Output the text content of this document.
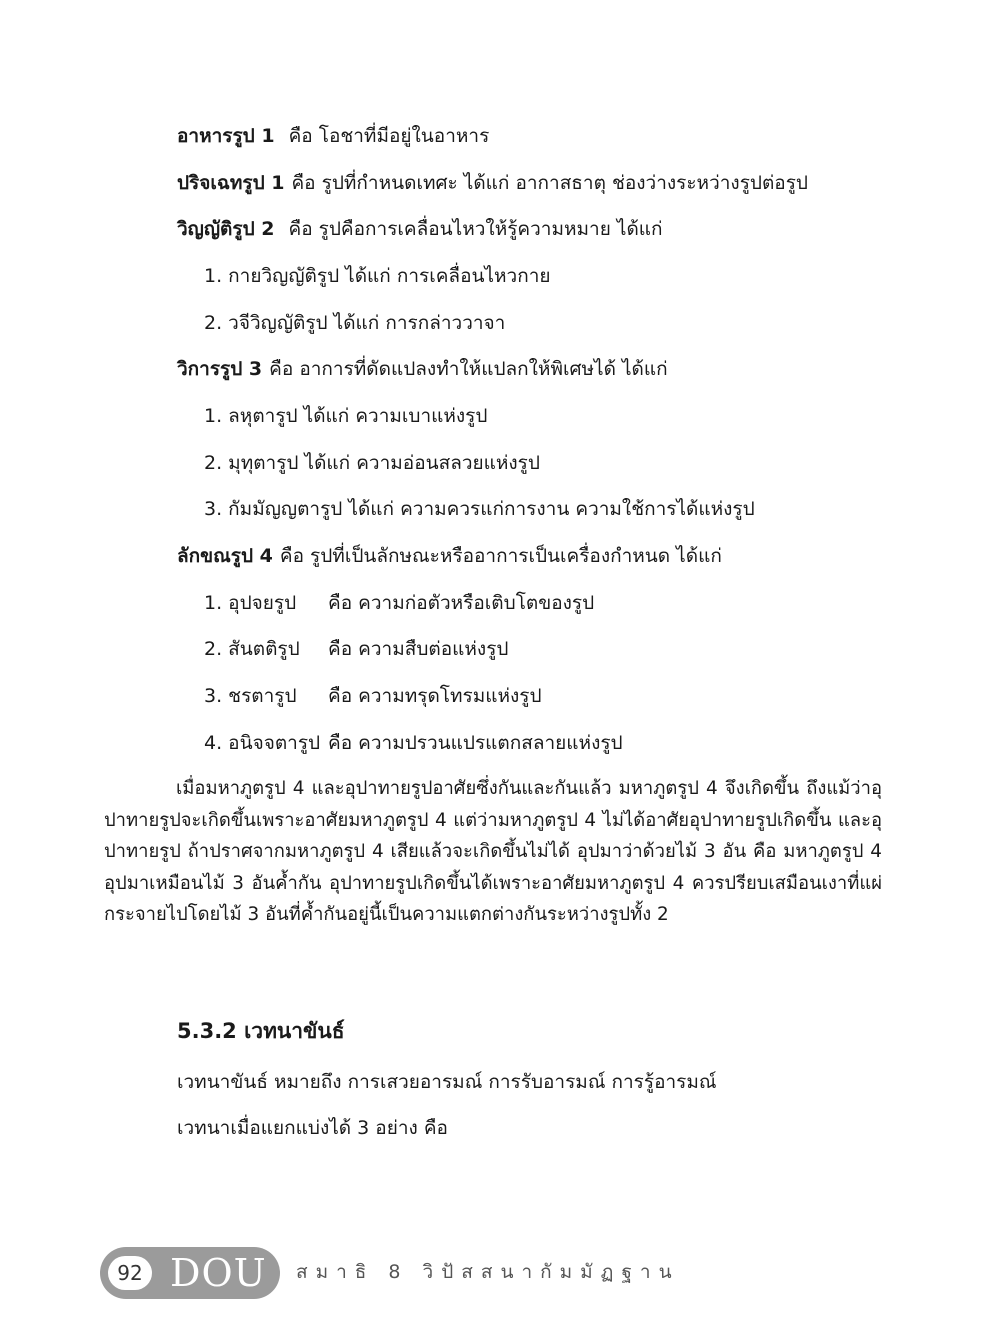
อาหารรูป 1 คือ โอชาที่มีอยู่ในอาหาร
ปริจเฉทรูป 1 คือ รูปที่กำหนดเทศะ ได้แก่ อากาสธาตุ ช่องว่างระหว่างรูปต่อรูป
วิญญัติรูป 2 คือ รูปคือการเคลื่อนไหวให้รู้ความหมาย ได้แก่
1. กายวิญญัติรูป ได้แก่ การเคลื่อนไหวกาย
2. วจีวิญญัติรูป ได้แก่ การกล่าววาจา
วิการรูป 3 คือ อาการที่ดัดแปลงทำให้แปลกให้พิเศษได้ ได้แก่
1. ลหุตารูป ได้แก่ ความเบาแห่งรูป
2. มุทุตารูป ได้แก่ ความอ่อนสลวยแห่งรูป
3. กัมมัญญตารูป ได้แก่ ความควรแก่การงาน ความใช้การได้แห่งรูป
ลักขณรูป 4 คือ รูปที่เป็นลักษณะหรืออาการเป็นเครื่องกำหนด ได้แก่
1. อุปจยรูป คือ ความก่อตัวหรือเติบโตของรูป
2. สันตติรูป คือ ความสืบต่อแห่งรูป
3. ชรตารูป คือ ความทรุดโทรมแห่งรูป
4. อนิจจตารูป คือ ความปรวนแปรแตกสลายแห่งรูป
เมื่อมหาภูตรูป 4 และอุปาทายรูปอาศัยซึ่งกันและกันแล้ว มหาภูตรูป 4 จึงเกิดขึ้น ถึงแม้ว่าอุปาทายรูปจะเกิดขึ้นเพราะอาศัยมหาภูตรูป 4 แต่ว่ามหาภูตรูป 4 ไม่ได้อาศัยอุปาทายรูปเกิดขึ้น และอุปาทายรูป ถ้าปราศจากมหาภูตรูป 4 เสียแล้วจะเกิดขึ้นไม่ได้ อุปมาว่าด้วยไม้ 3 อัน คือ มหาภูตรูป 4 อุปมาเหมือนไม้ 3 อันค้ำกัน อุปาทายรูปเกิดขึ้นได้เพราะอาศัยมหาภูตรูป 4 ควรปรียบเสมือนเงาที่แผ่กระจายไปโดยไม้ 3 อันที่ค้ำกันอยู่นี้เป็นความแตกต่างกันระหว่างรูปทั้ง 2
5.3.2 เวทนาขันธ์
เวทนาขันธ์ หมายถึง การเสวยอารมณ์ การรับอารมณ์ การรู้อารมณ์
เวทนาเมื่อแยกแบ่งได้ 3 อย่าง คือ
92 DOU สมาธิ 8 วิปัสสนากัมมัฏฐาน
